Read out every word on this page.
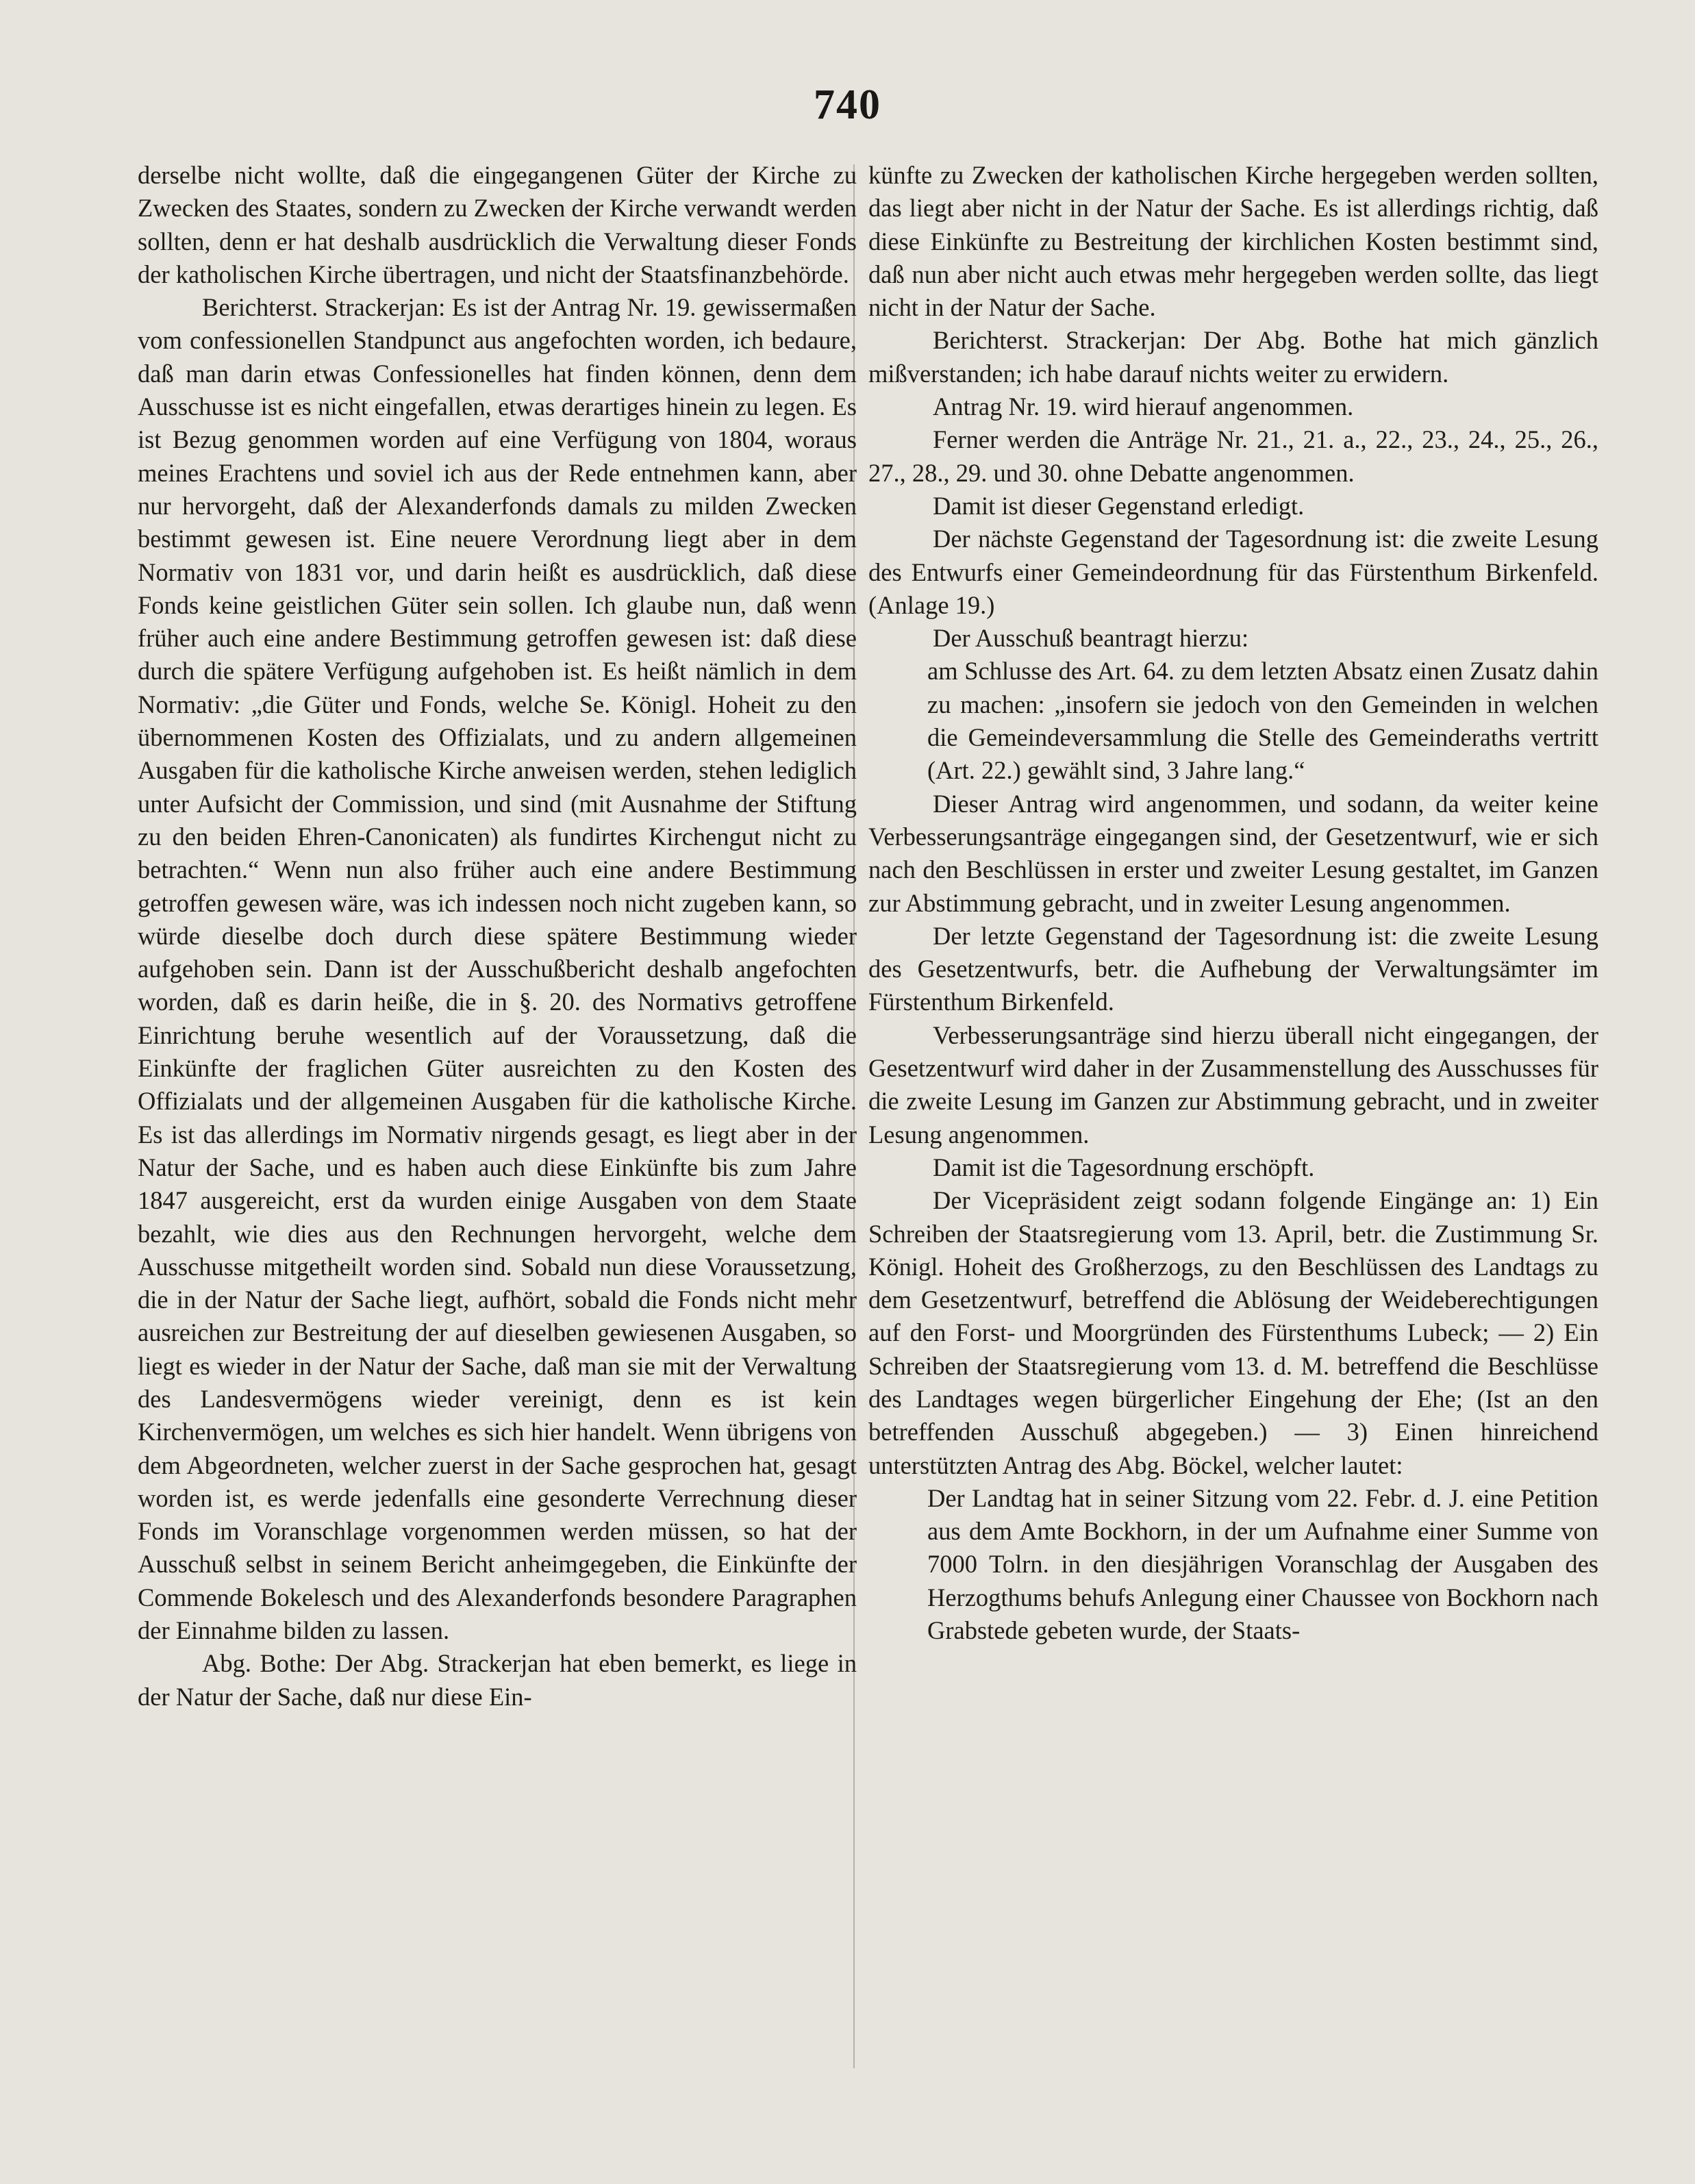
740

derselbe nicht wollte, daß die eingegangenen Güter der Kirche zu Zwecken des Staates, sondern zu Zwecken der Kirche verwandt werden sollten, denn er hat deshalb ausdrücklich die Verwaltung dieser Fonds der katholischen Kirche übertragen, und nicht der Staatsfinanzbehörde.

Berichterst. Strackerjan: Es ist der Antrag Nr. 19. gewissermaßen vom confessionellen Standpunct aus angefochten worden, ich bedaure, daß man darin etwas Confessionelles hat finden können, denn dem Ausschusse ist es nicht eingefallen, etwas derartiges hinein zu legen. Es ist Bezug genommen worden auf eine Verfügung von 1804, woraus meines Erachtens und soviel ich aus der Rede entnehmen kann, aber nur hervorgeht, daß der Alexanderfonds damals zu milden Zwecken bestimmt gewesen ist. Eine neuere Verordnung liegt aber in dem Normativ von 1831 vor, und darin heißt es ausdrücklich, daß diese Fonds keine geistlichen Güter sein sollen. Ich glaube nun, daß wenn früher auch eine andere Bestimmung getroffen gewesen ist: daß diese durch die spätere Verfügung aufgehoben ist. Es heißt nämlich in dem Normativ: „die Güter und Fonds, welche Se. Königl. Hoheit zu den übernommenen Kosten des Offizialats, und zu andern allgemeinen Ausgaben für die katholische Kirche anweisen werden, stehen lediglich unter Aufsicht der Commission, und sind (mit Ausnahme der Stiftung zu den beiden Ehren-Canonicaten) als fundirtes Kirchengut nicht zu betrachten.“ Wenn nun also früher auch eine andere Bestimmung getroffen gewesen wäre, was ich indessen noch nicht zugeben kann, so würde dieselbe doch durch diese spätere Bestimmung wieder aufgehoben sein. Dann ist der Ausschußbericht deshalb angefochten worden, daß es darin heiße, die in §. 20. des Normativs getroffene Einrichtung beruhe wesentlich auf der Voraussetzung, daß die Einkünfte der fraglichen Güter ausreichten zu den Kosten des Offizialats und der allgemeinen Ausgaben für die katholische Kirche. Es ist das allerdings im Normativ nirgends gesagt, es liegt aber in der Natur der Sache, und es haben auch diese Einkünfte bis zum Jahre 1847 ausgereicht, erst da wurden einige Ausgaben von dem Staate bezahlt, wie dies aus den Rechnungen hervorgeht, welche dem Ausschusse mitgetheilt worden sind. Sobald nun diese Voraussetzung, die in der Natur der Sache liegt, aufhört, sobald die Fonds nicht mehr ausreichen zur Bestreitung der auf dieselben gewiesenen Ausgaben, so liegt es wieder in der Natur der Sache, daß man sie mit der Verwaltung des Landesvermögens wieder vereinigt, denn es ist kein Kirchenvermögen, um welches es sich hier handelt. Wenn übrigens von dem Abgeordneten, welcher zuerst in der Sache gesprochen hat, gesagt worden ist, es werde jedenfalls eine gesonderte Verrechnung dieser Fonds im Voranschlage vorgenommen werden müssen, so hat der Ausschuß selbst in seinem Bericht anheimgegeben, die Einkünfte der Commende Bokelesch und des Alexanderfonds besondere Paragraphen der Einnahme bilden zu lassen.

Abg. Bothe: Der Abg. Strackerjan hat eben bemerkt, es liege in der Natur der Sache, daß nur diese Ein-

künfte zu Zwecken der katholischen Kirche hergegeben werden sollten, das liegt aber nicht in der Natur der Sache. Es ist allerdings richtig, daß diese Einkünfte zu Bestreitung der kirchlichen Kosten bestimmt sind, daß nun aber nicht auch etwas mehr hergegeben werden sollte, das liegt nicht in der Natur der Sache.

Berichterst. Strackerjan: Der Abg. Bothe hat mich gänzlich mißverstanden; ich habe darauf nichts weiter zu erwidern.

Antrag Nr. 19. wird hierauf angenommen.

Ferner werden die Anträge Nr. 21., 21. a., 22., 23., 24., 25., 26., 27., 28., 29. und 30. ohne Debatte angenommen.

Damit ist dieser Gegenstand erledigt.

Der nächste Gegenstand der Tagesordnung ist: die zweite Lesung des Entwurfs einer Gemeindeordnung für das Fürstenthum Birkenfeld. (Anlage 19.)

Der Ausschuß beantragt hierzu:

am Schlusse des Art. 64. zu dem letzten Absatz einen Zusatz dahin zu machen: „insofern sie jedoch von den Gemeinden in welchen die Gemeindeversammlung die Stelle des Gemeinderaths vertritt (Art. 22.) gewählt sind, 3 Jahre lang.“

Dieser Antrag wird angenommen, und sodann, da weiter keine Verbesserungsanträge eingegangen sind, der Gesetzentwurf, wie er sich nach den Beschlüssen in erster und zweiter Lesung gestaltet, im Ganzen zur Abstimmung gebracht, und in zweiter Lesung angenommen.

Der letzte Gegenstand der Tagesordnung ist: die zweite Lesung des Gesetzentwurfs, betr. die Aufhebung der Verwaltungsämter im Fürstenthum Birkenfeld.

Verbesserungsanträge sind hierzu überall nicht eingegangen, der Gesetzentwurf wird daher in der Zusammenstellung des Ausschusses für die zweite Lesung im Ganzen zur Abstimmung gebracht, und in zweiter Lesung angenommen.

Damit ist die Tagesordnung erschöpft.

Der Vicepräsident zeigt sodann folgende Eingänge an: 1) Ein Schreiben der Staatsregierung vom 13. April, betr. die Zustimmung Sr. Königl. Hoheit des Großherzogs, zu den Beschlüssen des Landtags zu dem Gesetzentwurf, betreffend die Ablösung der Weideberechtigungen auf den Forst- und Moorgründen des Fürstenthums Lubeck; — 2) Ein Schreiben der Staatsregierung vom 13. d. M. betreffend die Beschlüsse des Landtages wegen bürgerlicher Eingehung der Ehe; (Ist an den betreffenden Ausschuß abgegeben.) — 3) Einen hinreichend unterstützten Antrag des Abg. Böckel, welcher lautet:

Der Landtag hat in seiner Sitzung vom 22. Febr. d. J. eine Petition aus dem Amte Bockhorn, in der um Aufnahme einer Summe von 7000 Tolrn. in den diesjährigen Voranschlag der Ausgaben des Herzogthums behufs Anlegung einer Chaussee von Bockhorn nach Grabstede gebeten wurde, der Staats-
